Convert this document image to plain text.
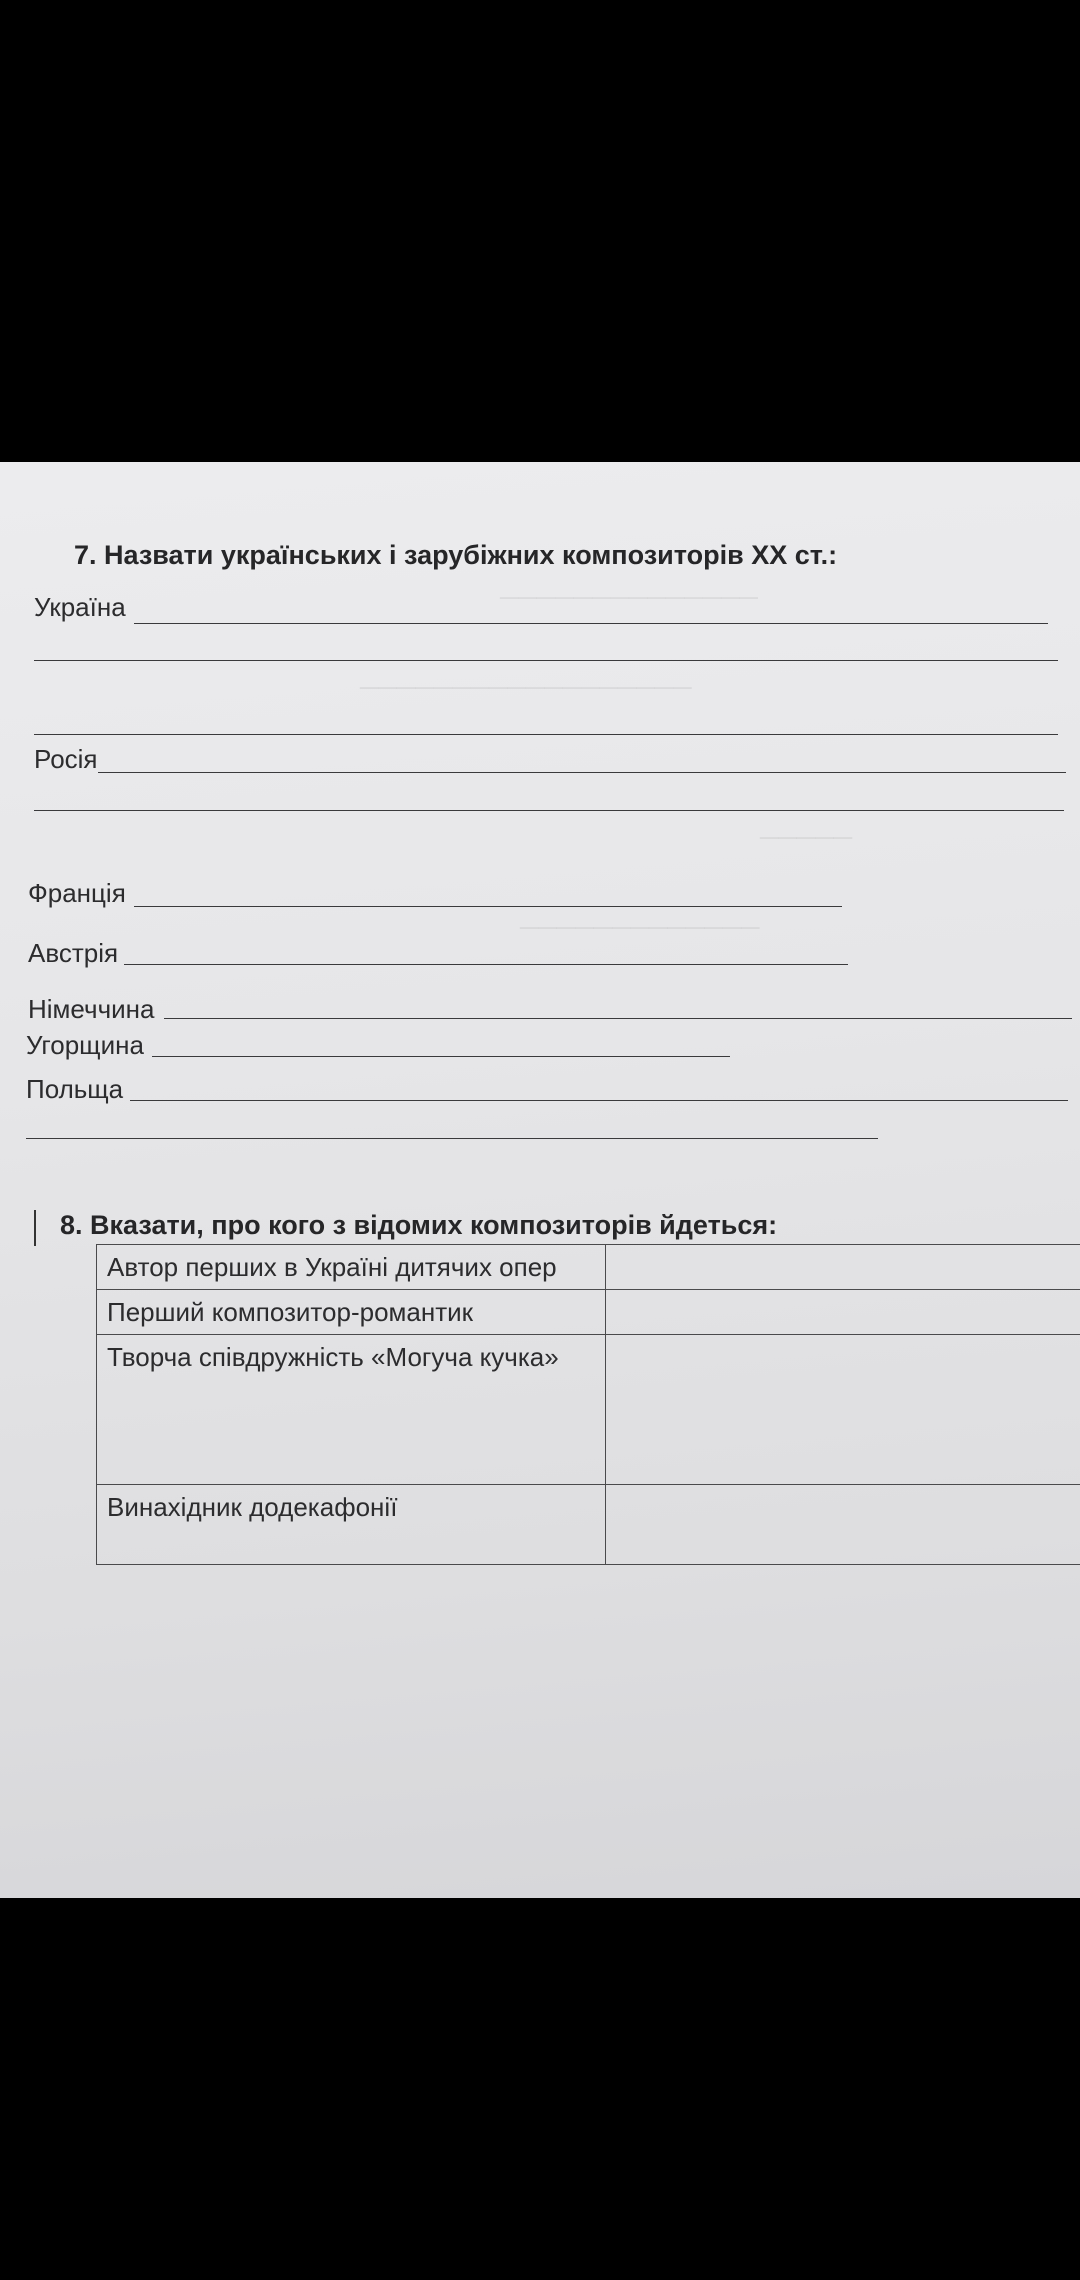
──────────────
──────────────────
─────
─────────────
7. Назвати українських і зарубіжних композиторів ХХ ст.:
Україна
Росія
Франція
Австрія
Німеччина
Угорщина
Польща
8. Вказати, про кого з відомих композиторів йдеться:
Автор перших в Україні дитячих опер	
Перший композитор-романтик	
Творча співдружність «Могуча кучка»	
Винахідник додекафонії	
